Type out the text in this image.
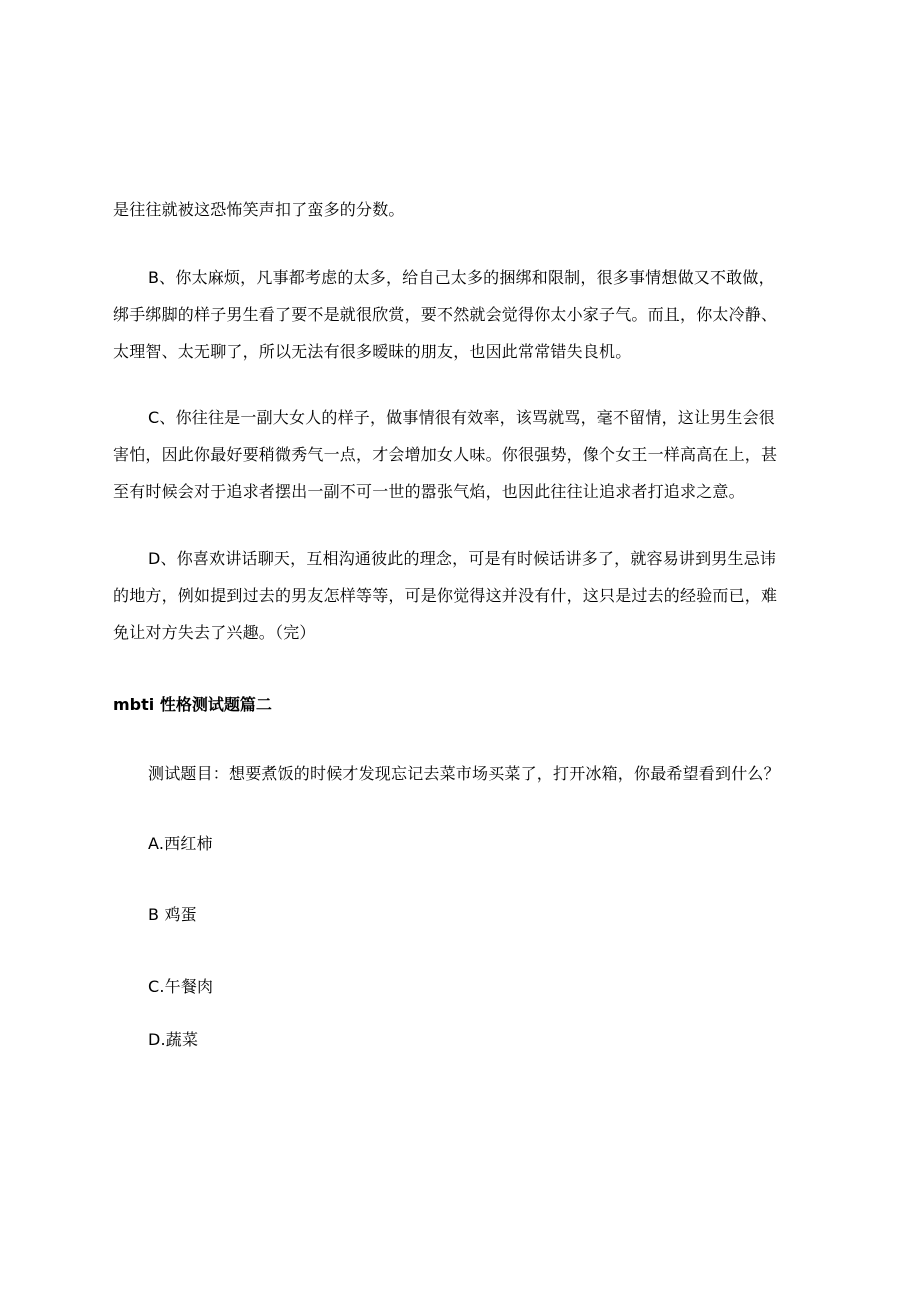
是往往就被这恐怖笑声扣了蛮多的分数。

B、你太麻烦，凡事都考虑的太多，给自己太多的捆绑和限制，很多事情想做又不敢做，

绑手绑脚的样子男生看了要不是就很欣赏，要不然就会觉得你太小家子气。而且，你太冷静、

太理智、太无聊了，所以无法有很多暧昧的朋友，也因此常常错失良机。

C、你往往是一副大女人的样子，做事情很有效率，该骂就骂，毫不留情，这让男生会很

害怕，因此你最好要稍微秀气一点，才会增加女人味。你很强势，像个女王一样高高在上，甚

至有时候会对于追求者摆出一副不可一世的嚣张气焰，也因此往往让追求者打追求之意。

D、你喜欢讲话聊天，互相沟通彼此的理念，可是有时候话讲多了，就容易讲到男生忌讳

的地方，例如提到过去的男友怎样等等，可是你觉得这并没有什，这只是过去的经验而已，难

免让对方失去了兴趣。（完）

mbti 性格测试题篇二

测试题目：想要煮饭的时候才发现忘记去菜市场买菜了，打开冰箱，你最希望看到什么？

A.西红柿

B 鸡蛋

C.午餐肉

D.蔬菜
